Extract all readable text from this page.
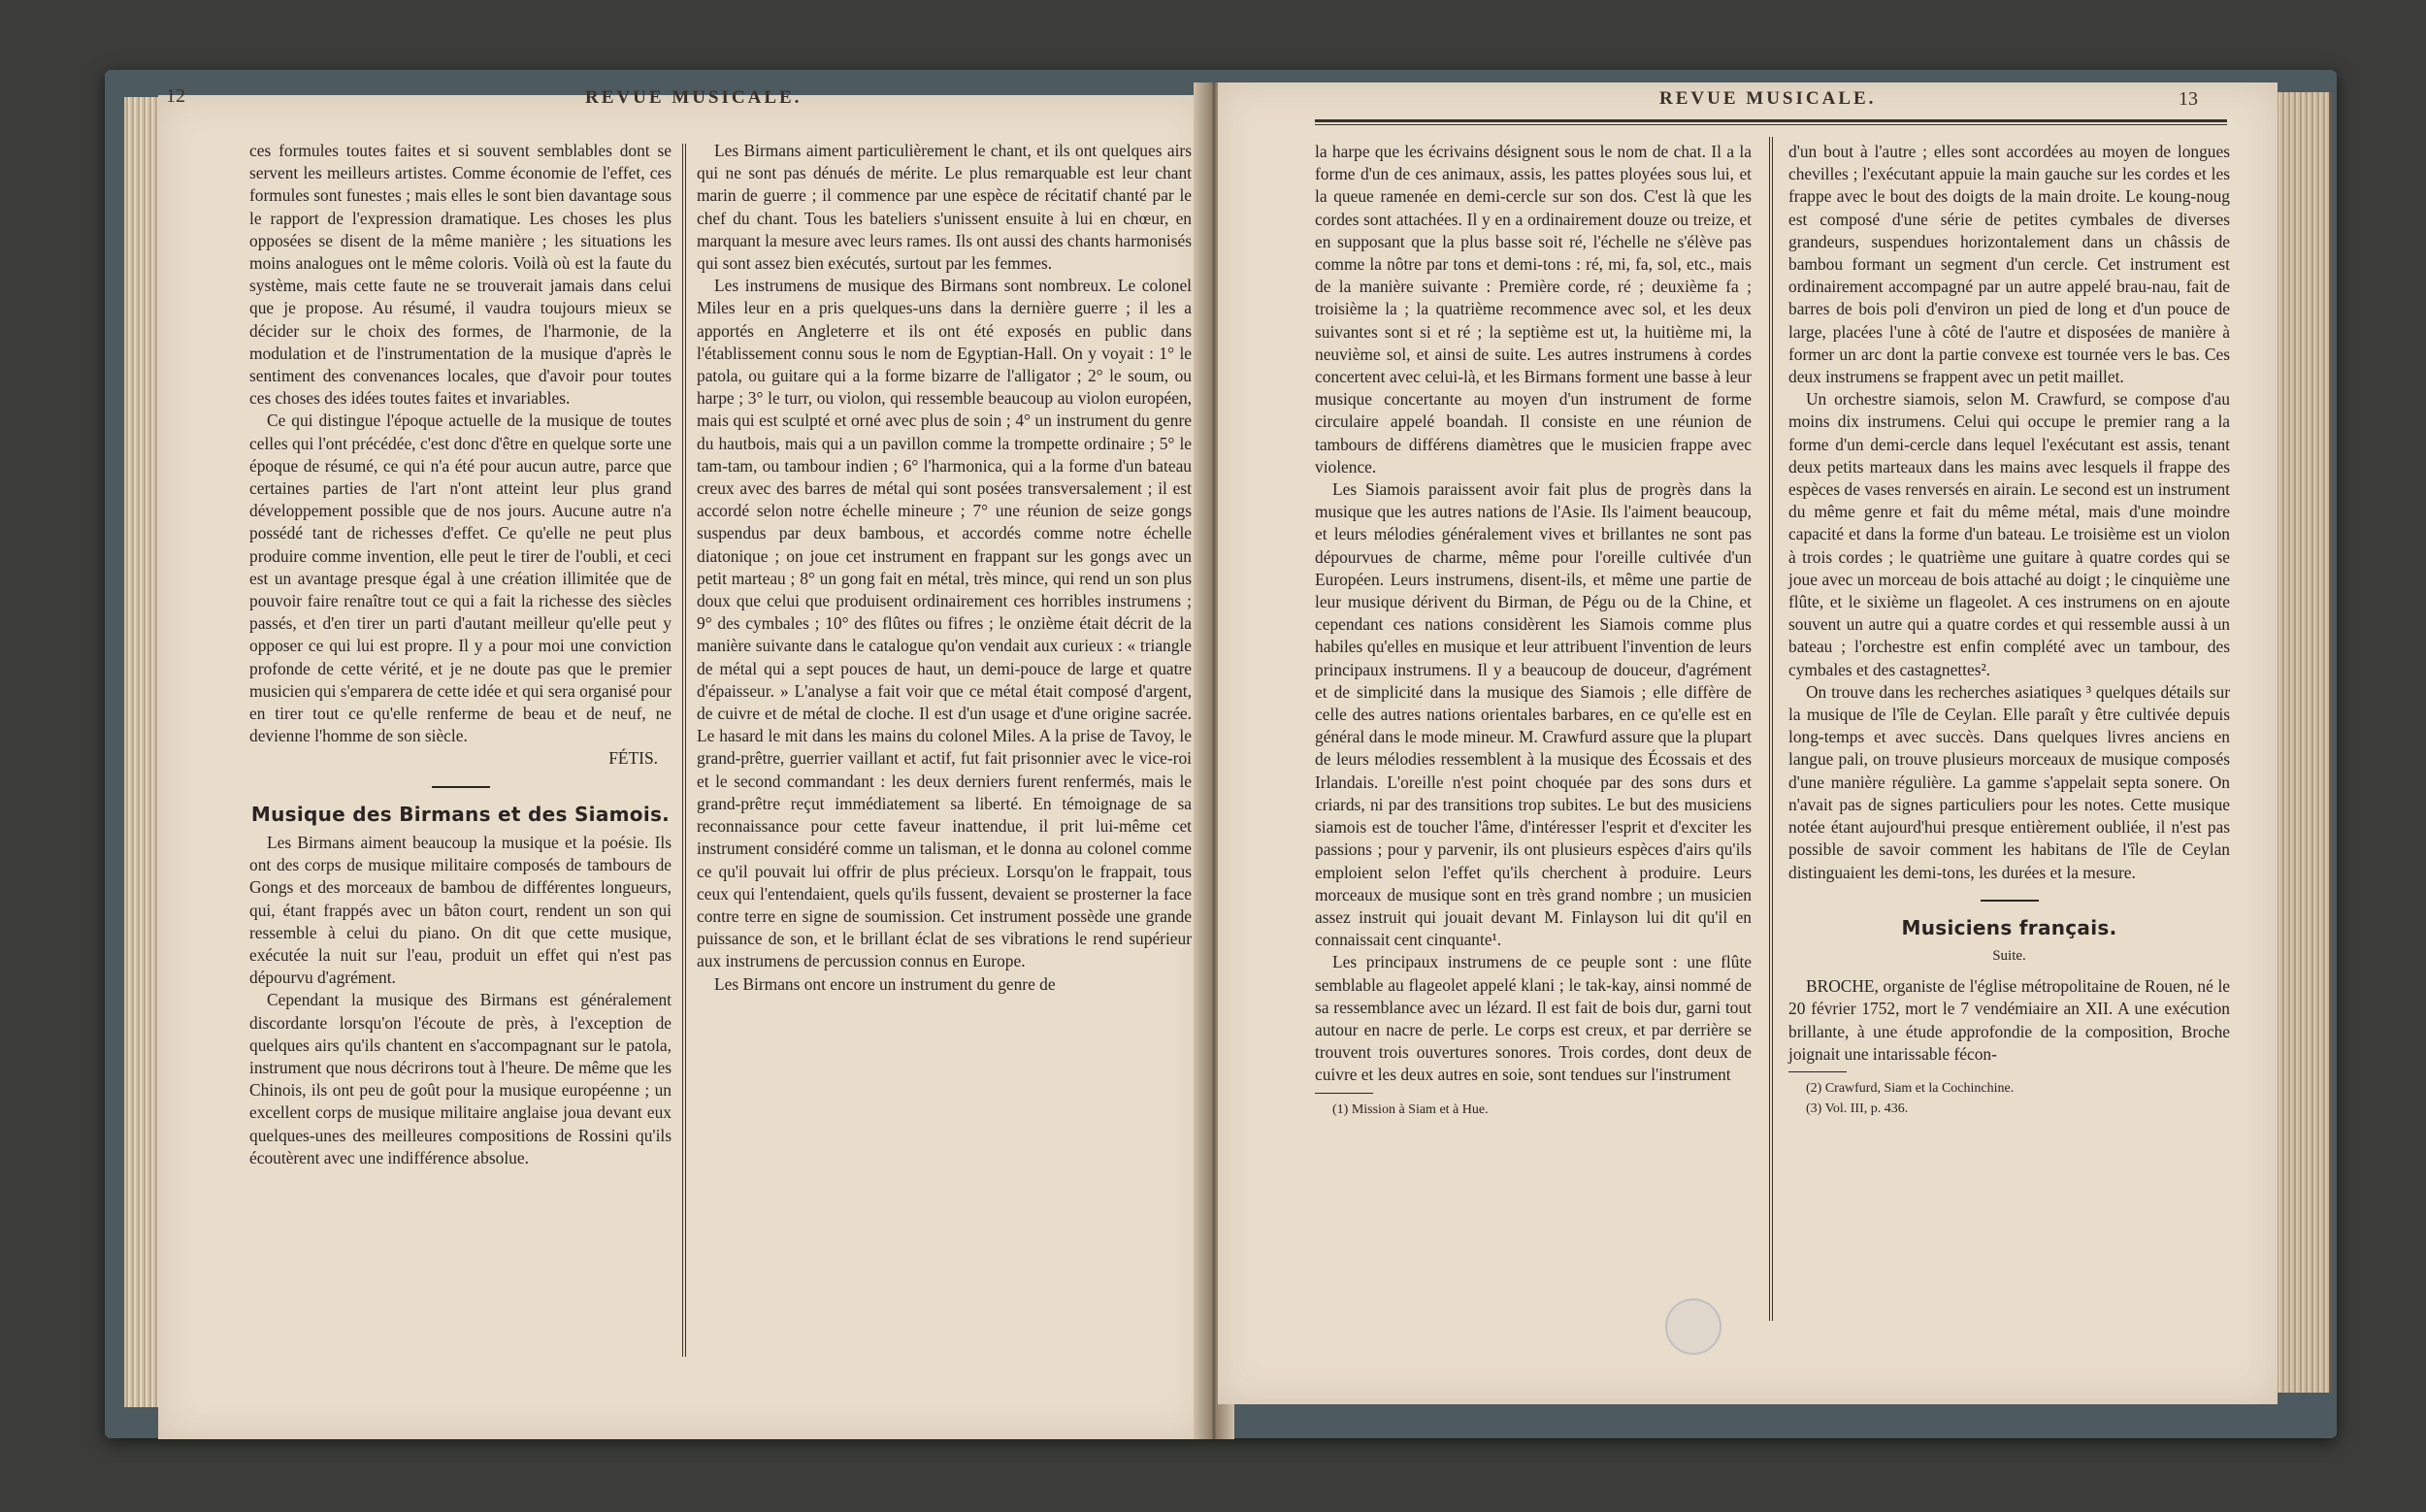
REVUE MUSICALE.
12

ces formules toutes faites et si souvent semblables dont se servent les meilleurs artistes. Comme économie de l'effet, ces formules sont funestes ; mais elles le sont bien davantage sous le rapport de l'expression dramatique. Les choses les plus opposées se disent de la même manière ; les situations les moins analogues ont le même coloris. Voilà où est la faute du système, mais cette faute ne se trouverait jamais dans celui que je propose. Au résumé, il vaudra toujours mieux se décider sur le choix des formes, de l'harmonie, de la modulation et de l'instrumentation de la musique d'après le sentiment des convenances locales, que d'avoir pour toutes ces choses des idées toutes faites et invariables.

Ce qui distingue l'époque actuelle de la musique de toutes celles qui l'ont précédée, c'est donc d'être en quelque sorte une époque de résumé, ce qui n'a été pour aucun autre, parce que certaines parties de l'art n'ont atteint leur plus grand développement possible que de nos jours. Aucune autre n'a possédé tant de richesses d'effet. Ce qu'elle ne peut plus produire comme invention, elle peut le tirer de l'oubli, et ceci est un avantage presque égal à une création illimitée que de pouvoir faire renaître tout ce qui a fait la richesse des siècles passés, et d'en tirer un parti d'autant meilleur qu'elle peut y opposer ce qui lui est propre. Il y a pour moi une conviction profonde de cette vérité, et je ne doute pas que le premier musicien qui s'emparera de cette idée et qui sera organisé pour en tirer tout ce qu'elle renferme de beau et de neuf, ne devienne l'homme de son siècle.

FÉTIS.
Musique des Birmans et des Siamois.

Les Birmans aiment beaucoup la musique et la poésie. Ils ont des corps de musique militaire composés de tambours de Gongs et des morceaux de bambou de différentes longueurs, qui, étant frappés avec un bâton court, rendent un son qui ressemble à celui du piano. On dit que cette musique, exécutée la nuit sur l'eau, produit un effet qui n'est pas dépourvu d'agrément.

Cependant la musique des Birmans est généralement discordante lorsqu'on l'écoute de près, à l'exception de quelques airs qu'ils chantent en s'accompagnant sur le patola, instrument que nous décrirons tout à l'heure. De même que les Chinois, ils ont peu de goût pour la musique européenne ; un excellent corps de musique militaire anglaise joua devant eux quelques-unes des meilleures compositions de Rossini qu'ils écoutèrent avec une indifférence absolue.

Les Birmans aiment particulièrement le chant, et ils ont quelques airs qui ne sont pas dénués de mérite. Le plus remarquable est leur chant marin de guerre ; il commence par une espèce de récitatif chanté par le chef du chant. Tous les bateliers s'unissent ensuite à lui en chœur, en marquant la mesure avec leurs rames. Ils ont aussi des chants harmonisés qui sont assez bien exécutés, surtout par les femmes.

Les instrumens de musique des Birmans sont nombreux. Le colonel Miles leur en a pris quelques-uns dans la dernière guerre ; il les a apportés en Angleterre et ils ont été exposés en public dans l'établissement connu sous le nom de Egyptian-Hall. On y voyait : 1° le patola, ou guitare qui a la forme bizarre de l'alligator ; 2° le soum, ou harpe ; 3° le turr, ou violon, qui ressemble beaucoup au violon européen, mais qui est sculpté et orné avec plus de soin ; 4° un instrument du genre du hautbois, mais qui a un pavillon comme la trompette ordinaire ; 5° le tam-tam, ou tambour indien ; 6° l'harmonica, qui a la forme d'un bateau creux avec des barres de métal qui sont posées transversalement ; il est accordé selon notre échelle mineure ; 7° une réunion de seize gongs suspendus par deux bambous, et accordés comme notre échelle diatonique ; on joue cet instrument en frappant sur les gongs avec un petit marteau ; 8° un gong fait en métal, très mince, qui rend un son plus doux que celui que produisent ordinairement ces horribles instrumens ; 9° des cymbales ; 10° des flûtes ou fifres ; le onzième était décrit de la manière suivante dans le catalogue qu'on vendait aux curieux : « triangle de métal qui a sept pouces de haut, un demi-pouce de large et quatre d'épaisseur. » L'analyse a fait voir que ce métal était composé d'argent, de cuivre et de métal de cloche. Il est d'un usage et d'une origine sacrée. Le hasard le mit dans les mains du colonel Miles. A la prise de Tavoy, le grand-prêtre, guerrier vaillant et actif, fut fait prisonnier avec le vice-roi et le second commandant : les deux derniers furent renfermés, mais le grand-prêtre reçut immédiatement sa liberté. En témoignage de sa reconnaissance pour cette faveur inattendue, il prit lui-même cet instrument considéré comme un talisman, et le donna au colonel comme ce qu'il pouvait lui offrir de plus précieux. Lorsqu'on le frappait, tous ceux qui l'entendaient, quels qu'ils fussent, devaient se prosterner la face contre terre en signe de soumission. Cet instrument possède une grande puissance de son, et le brillant éclat de ses vibrations le rend supérieur aux instrumens de percussion connus en Europe.

Les Birmans ont encore un instrument du genre de

REVUE MUSICALE.	13

la harpe que les écrivains désignent sous le nom de chat. Il a la forme d'un de ces animaux, assis, les pattes ployées sous lui, et la queue ramenée en demi-cercle sur son dos. C'est là que les cordes sont attachées. Il y en a ordinairement douze ou treize, et en supposant que la plus basse soit ré, l'échelle ne s'élève pas comme la nôtre par tons et demi-tons : ré, mi, fa, sol, etc., mais de la manière suivante : Première corde, ré ; deuxième fa ; troisième la ; la quatrième recommence avec sol, et les deux suivantes sont si et ré ; la septième est ut, la huitième mi, la neuvième sol, et ainsi de suite. Les autres instrumens à cordes concertent avec celui-là, et les Birmans forment une basse à leur musique concertante au moyen d'un instrument de forme circulaire appelé boandah. Il consiste en une réunion de tambours de différens diamètres que le musicien frappe avec violence.

Les Siamois paraissent avoir fait plus de progrès dans la musique que les autres nations de l'Asie. Ils l'aiment beaucoup, et leurs mélodies généralement vives et brillantes ne sont pas dépourvues de charme, même pour l'oreille cultivée d'un Européen. Leurs instrumens, disent-ils, et même une partie de leur musique dérivent du Birman, de Pégu ou de la Chine, et cependant ces nations considèrent les Siamois comme plus habiles qu'elles en musique et leur attribuent l'invention de leurs principaux instrumens. Il y a beaucoup de douceur, d'agrément et de simplicité dans la musique des Siamois ; elle diffère de celle des autres nations orientales barbares, en ce qu'elle est en général dans le mode mineur. M. Crawfurd assure que la plupart de leurs mélodies ressemblent à la musique des Écossais et des Irlandais. L'oreille n'est point choquée par des sons durs et criards, ni par des transitions trop subites. Le but des musiciens siamois est de toucher l'âme, d'intéresser l'esprit et d'exciter les passions ; pour y parvenir, ils ont plusieurs espèces d'airs qu'ils emploient selon l'effet qu'ils cherchent à produire. Leurs morceaux de musique sont en très grand nombre ; un musicien assez instruit qui jouait devant M. Finlayson lui dit qu'il en connaissait cent cinquante¹.

Les principaux instrumens de ce peuple sont : une flûte semblable au flageolet appelé klani ; le tak-kay, ainsi nommé de sa ressemblance avec un lézard. Il est fait de bois dur, garni tout autour en nacre de perle. Le corps est creux, et par derrière se trouvent trois ouvertures sonores. Trois cordes, dont deux de cuivre et les deux autres en soie, sont tendues sur l'instrument

(1) Mission à Siam et à Hue.

d'un bout à l'autre ; elles sont accordées au moyen de longues chevilles ; l'exécutant appuie la main gauche sur les cordes et les frappe avec le bout des doigts de la main droite. Le koung-noug est composé d'une série de petites cymbales de diverses grandeurs, suspendues horizontalement dans un châssis de bambou formant un segment d'un cercle. Cet instrument est ordinairement accompagné par un autre appelé brau-nau, fait de barres de bois poli d'environ un pied de long et d'un pouce de large, placées l'une à côté de l'autre et disposées de manière à former un arc dont la partie convexe est tournée vers le bas. Ces deux instrumens se frappent avec un petit maillet.

Un orchestre siamois, selon M. Crawfurd, se compose d'au moins dix instrumens. Celui qui occupe le premier rang a la forme d'un demi-cercle dans lequel l'exécutant est assis, tenant deux petits marteaux dans les mains avec lesquels il frappe des espèces de vases renversés en airain. Le second est un instrument du même genre et fait du même métal, mais d'une moindre capacité et dans la forme d'un bateau. Le troisième est un violon à trois cordes ; le quatrième une guitare à quatre cordes qui se joue avec un morceau de bois attaché au doigt ; le cinquième une flûte, et le sixième un flageolet. A ces instrumens on en ajoute souvent un autre qui a quatre cordes et qui ressemble aussi à un bateau ; l'orchestre est enfin complété avec un tambour, des cymbales et des castagnettes².

On trouve dans les recherches asiatiques ³ quelques détails sur la musique de l'île de Ceylan. Elle paraît y être cultivée depuis long-temps et avec succès. Dans quelques livres anciens en langue pali, on trouve plusieurs morceaux de musique composés d'une manière régulière. La gamme s'appelait septa sonere. On n'avait pas de signes particuliers pour les notes. Cette musique notée étant aujourd'hui presque entièrement oubliée, il n'est pas possible de savoir comment les habitans de l'île de Ceylan distinguaient les demi-tons, les durées et la mesure.

Musiciens français.
Suite.

BROCHE, organiste de l'église métropolitaine de Rouen, né le 20 février 1752, mort le 7 vendémiaire an XII. A une exécution brillante, à une étude approfondie de la composition, Broche joignait une intarissable fécon-

(2) Crawfurd, Siam et la Cochinchine.

(3) Vol. III, p. 436.
